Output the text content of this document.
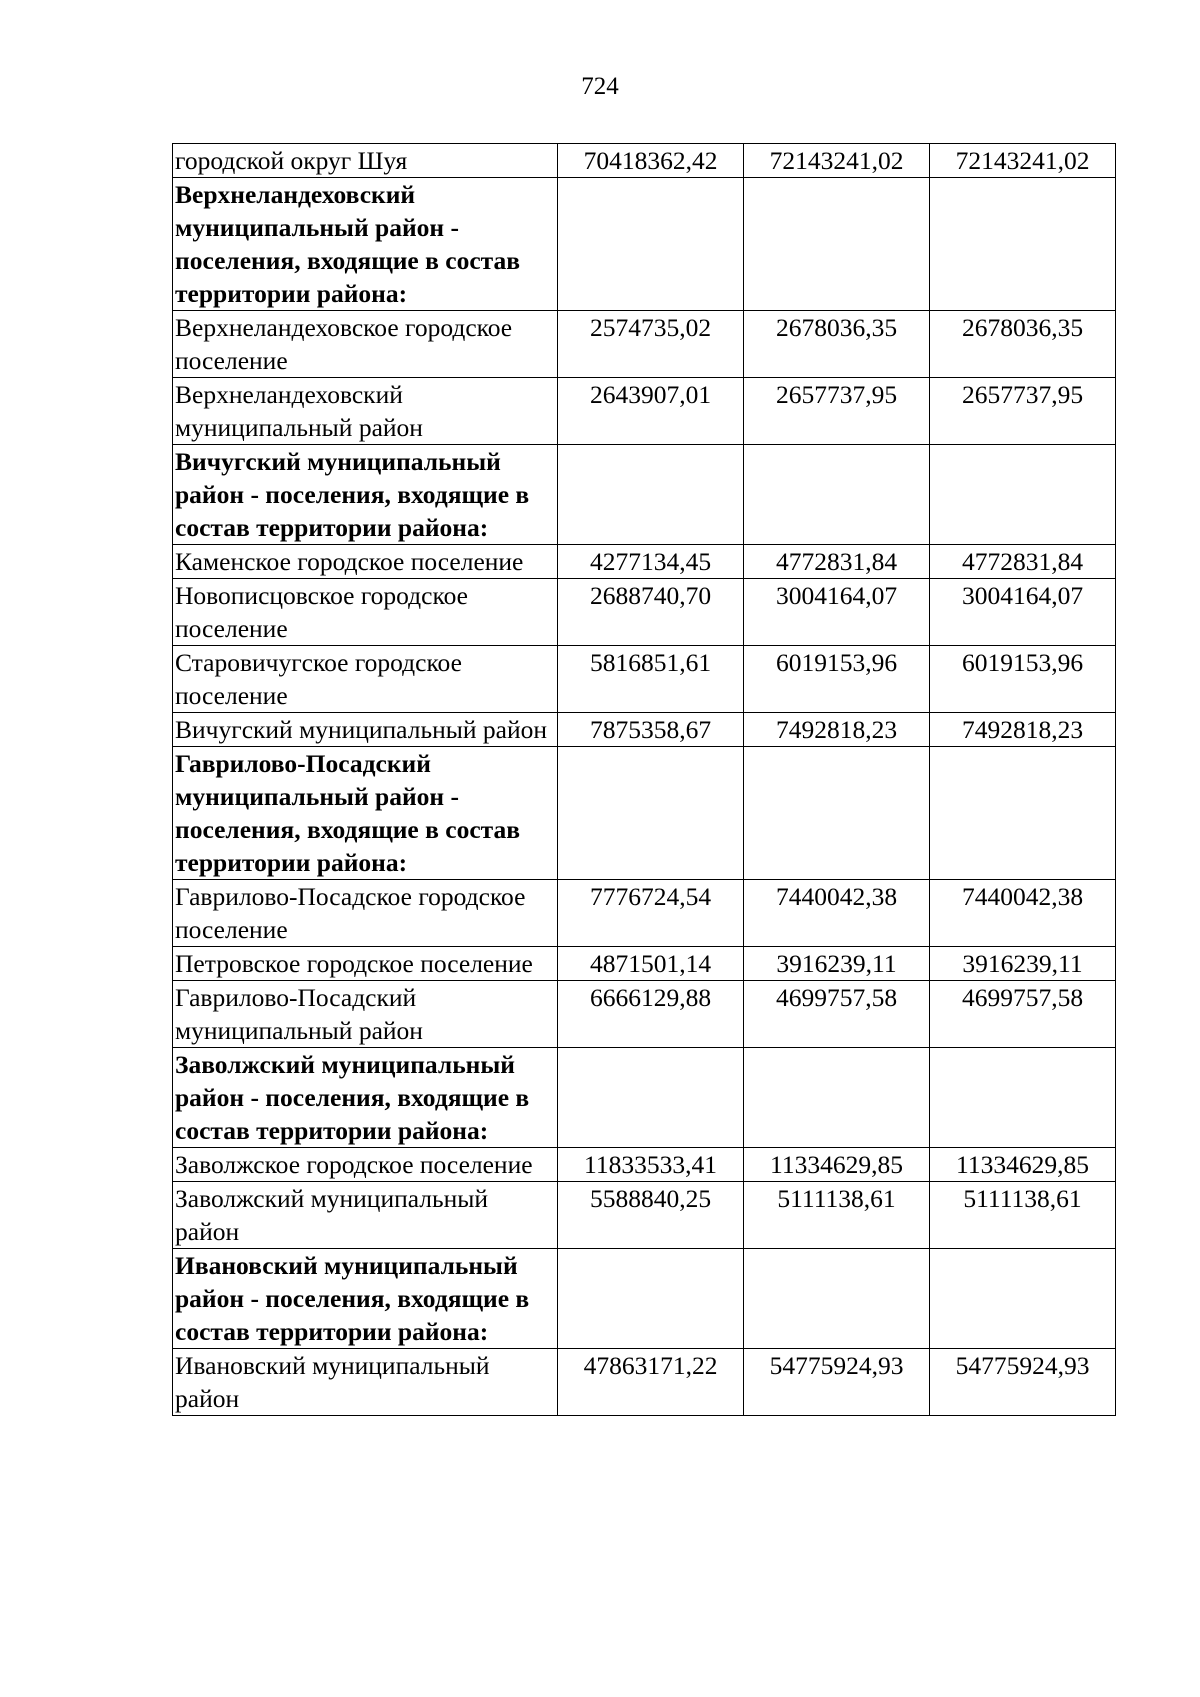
724
городской округ Шуя	70418362,42	72143241,02	72143241,02
Верхнеландеховский муниципальный район - поселения, входящие в состав территории района:			
Верхнеландеховское городское поселение	2574735,02	2678036,35	2678036,35
Верхнеландеховский муниципальный район	2643907,01	2657737,95	2657737,95
Вичугский муниципальный район - поселения, входящие в состав территории района:			
Каменское городское поселение	4277134,45	4772831,84	4772831,84
Новописцовское городское поселение	2688740,70	3004164,07	3004164,07
Старовичугское городское поселение	5816851,61	6019153,96	6019153,96
Вичугский муниципальный район	7875358,67	7492818,23	7492818,23
Гаврилово-Посадский муниципальный район - поселения, входящие в состав территории района:			
Гаврилово-Посадское городское поселение	7776724,54	7440042,38	7440042,38
Петровское городское поселение	4871501,14	3916239,11	3916239,11
Гаврилово-Посадский муниципальный район	6666129,88	4699757,58	4699757,58
Заволжский муниципальный район - поселения, входящие в состав территории района:			
Заволжское городское поселение	11833533,41	11334629,85	11334629,85
Заволжский муниципальный район	5588840,25	5111138,61	5111138,61
Ивановский муниципальный район - поселения, входящие в состав территории района:			
Ивановский муниципальный район	47863171,22	54775924,93	54775924,93
